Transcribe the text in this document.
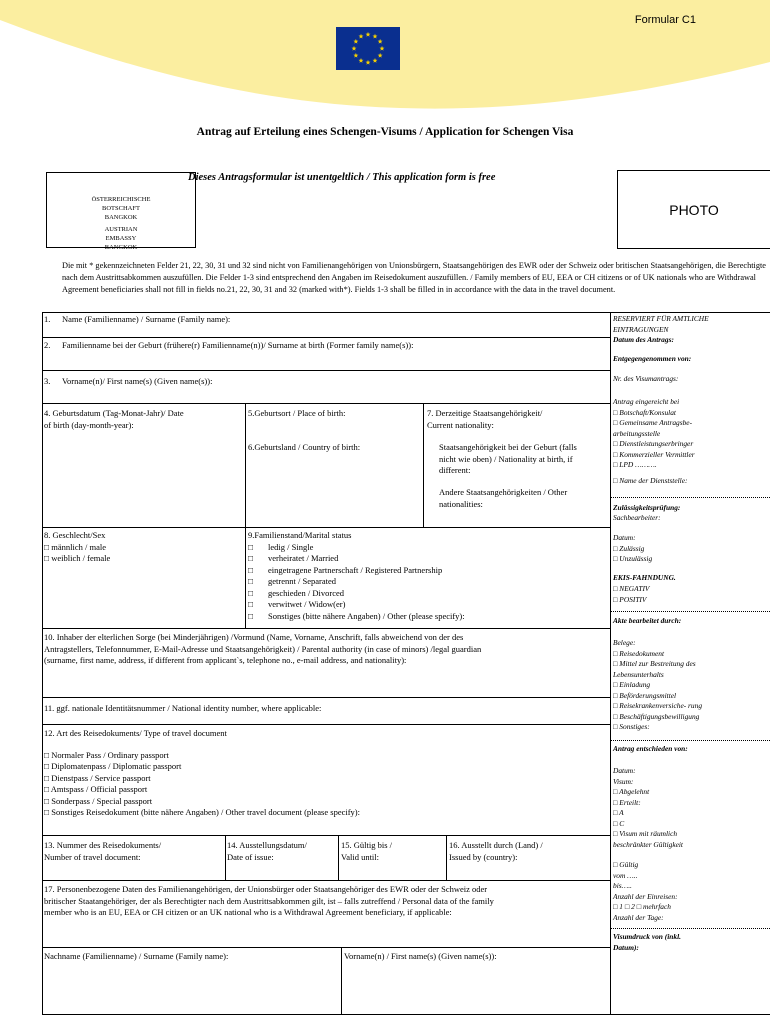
Formular C1
Antrag auf Erteilung eines Schengen-Visums / Application for Schengen Visa
Dieses Antragsformular ist unentgeltlich / This application form is free
ÖSTERREICHISCHE
BOTSCHAFT
BANGKOK
AUSTRIAN
EMBASSY
BANGKOK
PHOTO
Die mit * gekennzeichneten Felder 21, 22, 30, 31 und 32 sind nicht von Familienangehörigen von Unionsbürgern, Staatsangehörigen des EWR oder der Schweiz oder britischen Staatsangehörigen, die Berechtigte nach dem Austrittsabkommen auszufüllen. Die Felder 1-3 sind entsprechend den Angaben im Reisedokument auszufüllen. / Family members of EU, EEA or CH citizens or of UK nationals who are Withdrawal Agreement beneficiaries shall not fill in fields no.21, 22, 30, 31 and 32 (marked with*). Fields 1-3 shall be filled in in accordance with the data in the travel document.
1. Name (Familienname) / Surname (Family name):
2. Familienname bei der Geburt (frühere(r) Familienname(n))/ Surname at birth (Former family name(s)):
3. Vorname(n)/ First name(s) (Given name(s)):
4. Geburtsdatum (Tag-Monat-Jahr)/ Date
of birth (day-month-year):
5.Geburtsort / Place of birth:
6.Geburtsland / Country of birth:
7. Derzeitige Staatsangehörigkeit/
Current nationality:
Staatsangehörigkeit bei der Geburt (falls
nicht wie oben) / Nationality at birth, if
different:
Andere Staatsangehörigkeiten / Other
nationalities:
8. Geschlecht/Sex
□ männlich / male
□ weiblich / female
9.Familienstand/Marital status
□       ledig / Single
□       verheiratet / Married
□       eingetragene Partnerschaft / Registered Partnership
□       getrennt / Separated
□       geschieden / Divorced
□       verwitwet / Widow(er)
□       Sonstiges (bitte nähere Angaben) / Other (please specify):
10. Inhaber der elterlichen Sorge (bei Minderjährigen) /Vormund (Name, Vorname, Anschrift, falls abweichend von der des
Antragstellers, Telefonnummer, E-Mail-Adresse und Staatsangehörigkeit) / Parental authority (in case of minors) /legal guardian
(surname, first name, address, if different from applicant`s, telephone no., e-mail address, and nationality):
11. ggf. nationale Identitätsnummer / National identity number, where applicable:
12. Art des Reisedokuments/ Type of travel document
□ Normaler Pass / Ordinary passport
□ Diplomatenpass / Diplomatic passport
□ Dienstpass / Service passport
□ Amtspass / Official passport
□ Sonderpass / Special passport
□ Sonstiges Reisedokument (bitte nähere Angaben) / Other travel document (please specify):
13. Nummer des Reisedokuments/
Number of travel document:
14. Ausstellungsdatum/
Date of issue:
15. Gültig bis /
Valid until:
16. Ausstellt durch (Land) /
Issued by (country):
17. Personenbezogene Daten des Familienangehörigen, der Unionsbürger oder Staatsangehöriger des EWR oder der Schweiz oder
britischer Staatangehöriger, der als Berechtigter nach dem Austrittsabkommen gilt, ist – falls zutreffend / Personal data of the family
member who is an EU, EEA or CH citizen or an UK national who is a Withdrawal Agreement beneficiary, if applicable:
Nachname (Familienname) / Surname (Family name):	Vorname(n) / First name(s) (Given name(s)):
RESERVIERT FÜR AMTLICHE
EINTRAGUNGEN
Datum des Antrags:
Entgegengenommen von:
Nr. des Visumantrags:
Antrag eingereicht bei
□ Botschaft/Konsulat
□ Gemeinsame Antragsbe-
arbeitungsstelle
□ Dienstleistungserbringer
□ Kommerzieller Vermittler
□ LPD ……….
□ Name der Dienststelle:
Zulässigkeitsprüfung:
Sachbearbeiter:
Datum:
□ Zulässig
□ Unzulässig
EKIS-FAHNDUNG.
□ NEGATIV
□ POSITIV
Akte bearbeitet durch:
Belege:
□ Reisedokument
□ Mittel zur Bestreitung des
Lebensunterhalts
□ Einladung
□ Beförderungsmittel
□ Reisekrankenversiche- rung
□ Beschäftigungsbewilligung
□ Sonstiges:
Antrag entschieden von:
Datum:
Visum:
□ Abgelehnt
□ Erteilt:
□ A
□ C
□ Visum mit räumlich
beschränkter Gültigkeit
□ Gültig
vom …..
bis…..
Anzahl der Einreisen:
□ 1 □ 2 □ mehrfach
Anzahl der Tage:
Visumdruck von (inkl.
Datum):
